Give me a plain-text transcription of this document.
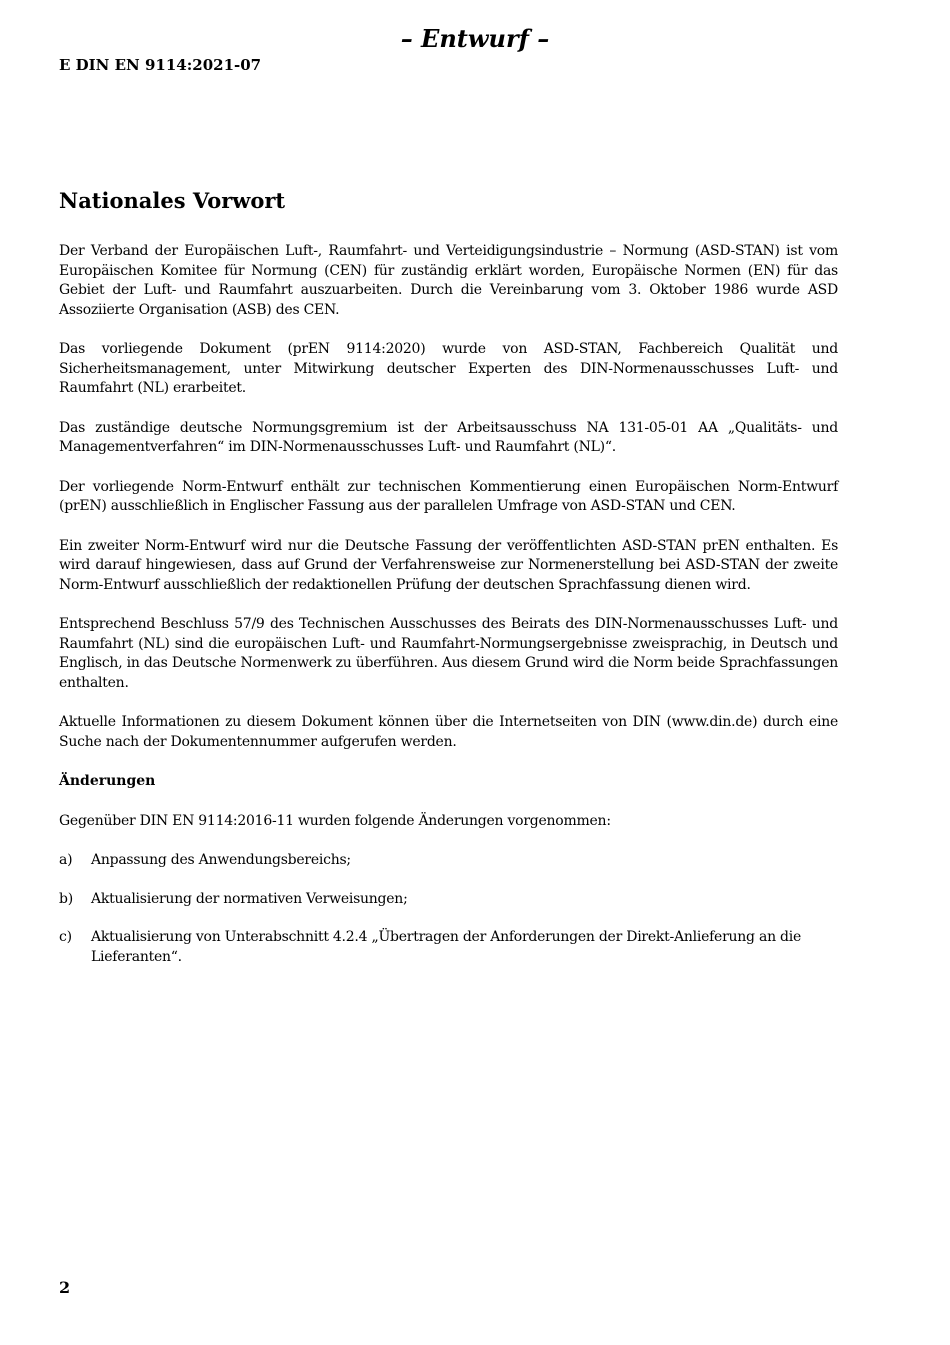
– Entwurf –
E DIN EN 9114:2021-07
Nationales Vorwort

Der Verband der Europäischen Luft-, Raumfahrt- und Verteidigungsindustrie – Normung (ASD-STAN) ist vom Europäischen Komitee für Normung (CEN) für zuständig erklärt worden, Europäische Normen (EN) für das Gebiet der Luft- und Raumfahrt auszuarbeiten. Durch die Vereinbarung vom 3. Oktober 1986 wurde ASD Assoziierte Organisation (ASB) des CEN.

Das vorliegende Dokument (prEN 9114:2020) wurde von ASD-STAN, Fachbereich Qualität und Sicherheitsmanagement, unter Mitwirkung deutscher Experten des DIN-Normenausschusses Luft- und Raumfahrt (NL) erarbeitet.

Das zuständige deutsche Normungsgremium ist der Arbeitsausschuss NA 131-05-01 AA „Qualitäts- und Managementverfahren“ im DIN-Normenausschusses Luft- und Raumfahrt (NL)“.

Der vorliegende Norm-Entwurf enthält zur technischen Kommentierung einen Europäischen Norm-Entwurf (prEN) ausschließlich in Englischer Fassung aus der parallelen Umfrage von ASD-STAN und CEN.

Ein zweiter Norm-Entwurf wird nur die Deutsche Fassung der veröffentlichten ASD-STAN prEN enthalten. Es wird darauf hingewiesen, dass auf Grund der Verfahrensweise zur Normenerstellung bei ASD-STAN der zweite Norm-Entwurf ausschließlich der redaktionellen Prüfung der deutschen Sprachfassung dienen wird.

Entsprechend Beschluss 57/9 des Technischen Ausschusses des Beirats des DIN-Normenausschusses Luft- und Raumfahrt (NL) sind die europäischen Luft- und Raumfahrt-Normungsergebnisse zweisprachig, in Deutsch und Englisch, in das Deutsche Normenwerk zu überführen. Aus diesem Grund wird die Norm beide Sprachfassungen enthalten.

Aktuelle Informationen zu diesem Dokument können über die Internetseiten von DIN (www.din.de) durch eine Suche nach der Dokumentennummer aufgerufen werden.

Änderungen

Gegenüber DIN EN 9114:2016-11 wurden folgende Änderungen vorgenommen:

a)	Anpassung des Anwendungsbereichs;
b)	Aktualisierung der normativen Verweisungen;
c)	Aktualisierung von Unterabschnitt 4.2.4 „Übertragen der Anforderungen der Direkt-Anlieferung an die Lieferanten“.
2
